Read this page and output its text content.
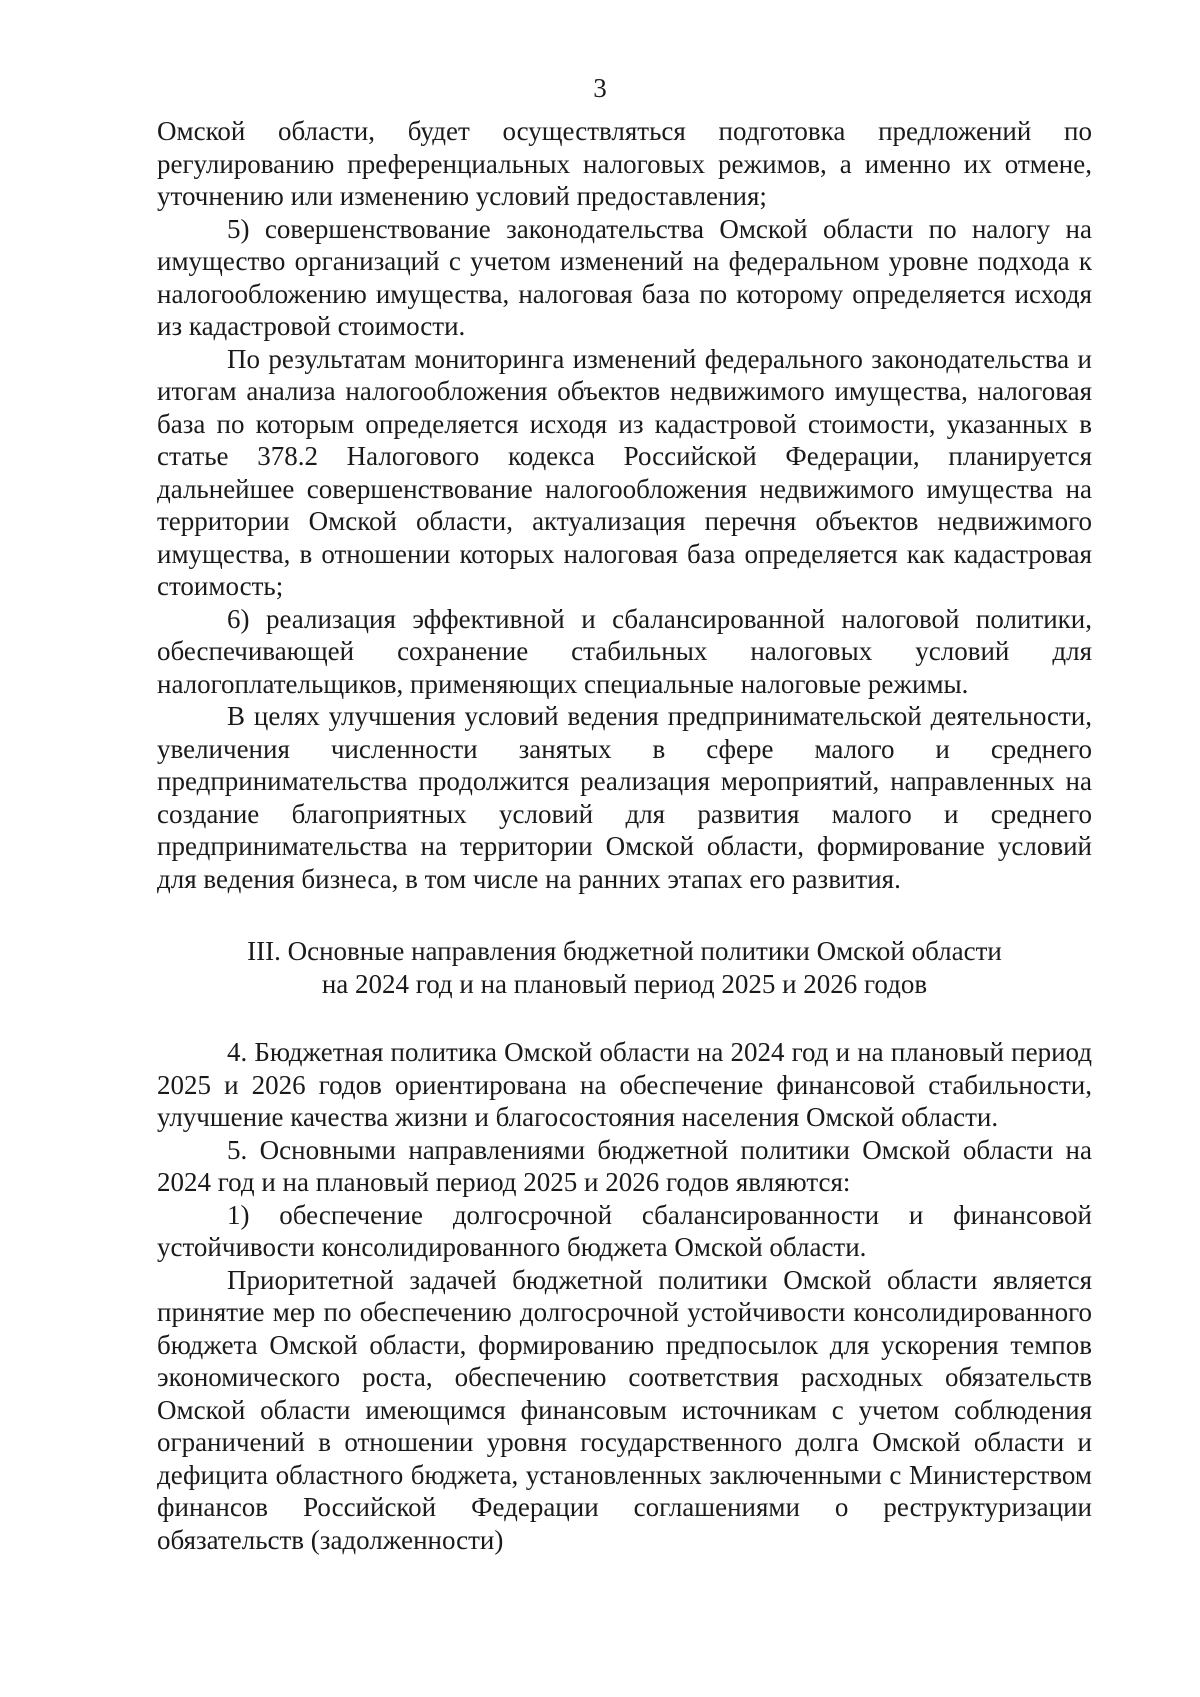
3

Омской области, будет осуществляться подготовка предложений по регулированию преференциальных налоговых режимов, а именно их отмене, уточнению или изменению условий предоставления;

5) совершенствование законодательства Омской области по налогу на имущество организаций с учетом изменений на федеральном уровне подхода к налогообложению имущества, налоговая база по которому определяется исходя из кадастровой стоимости.

По результатам мониторинга изменений федерального законодательства и итогам анализа налогообложения объектов недвижимого имущества, налоговая база по которым определяется исходя из кадастровой стоимости, указанных в статье 378.2 Налогового кодекса Российской Федерации, планируется дальнейшее совершенствование налогообложения недвижимого имущества на территории Омской области, актуализация перечня объектов недвижимого имущества, в отношении которых налоговая база определяется как кадастровая стоимость;

6) реализация эффективной и сбалансированной налоговой политики, обеспечивающей сохранение стабильных налоговых условий для налогоплательщиков, применяющих специальные налоговые режимы.

В целях улучшения условий ведения предпринимательской деятельности, увеличения численности занятых в сфере малого и среднего предпринимательства продолжится реализация мероприятий, направленных на создание благоприятных условий для развития малого и среднего предпринимательства на территории Омской области, формирование условий для ведения бизнеса, в том числе на ранних этапах его развития.

III. Основные направления бюджетной политики Омской области
на 2024 год и на плановый период 2025 и 2026 годов

4. Бюджетная политика Омской области на 2024 год и на плановый период 2025 и 2026 годов ориентирована на обеспечение финансовой стабильности, улучшение качества жизни и благосостояния населения Омской области.

5. Основными направлениями бюджетной политики Омской области на 2024 год и на плановый период 2025 и 2026 годов являются:

1) обеспечение долгосрочной сбалансированности и финансовой устойчивости консолидированного бюджета Омской области.

Приоритетной задачей бюджетной политики Омской области является принятие мер по обеспечению долгосрочной устойчивости консолидированного бюджета Омской области, формированию предпосылок для ускорения темпов экономического роста, обеспечению соответствия расходных обязательств Омской области имеющимся финансовым источникам с учетом соблюдения ограничений в отношении уровня государственного долга Омской области и дефицита областного бюджета, установленных заключенными с Министерством финансов Российской Федерации соглашениями о реструктуризации обязательств (задолженности)
